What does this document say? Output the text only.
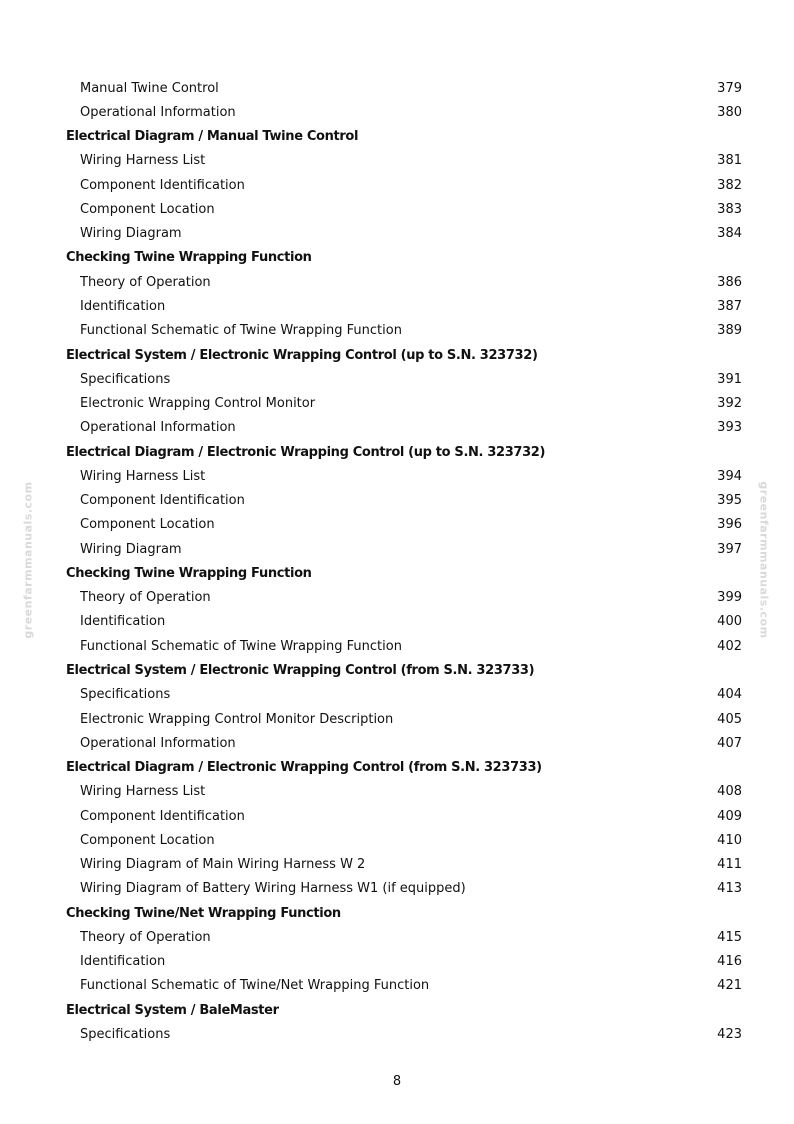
greenfarmmanuals.com	greenfarmmanuals.com
Manual Twine Control	379
Operational Information	380
Electrical Diagram / Manual Twine Control
Wiring Harness List	381
Component Identification	382
Component Location	383
Wiring Diagram	384
Checking Twine Wrapping Function
Theory of Operation	386
Identification	387
Functional Schematic of Twine Wrapping Function	389
Electrical System / Electronic Wrapping Control (up to S.N. 323732)
Specifications	391
Electronic Wrapping Control Monitor	392
Operational Information	393
Electrical Diagram / Electronic Wrapping Control (up to S.N. 323732)
Wiring Harness List	394
Component Identification	395
Component Location	396
Wiring Diagram	397
Checking Twine Wrapping Function
Theory of Operation	399
Identification	400
Functional Schematic of Twine Wrapping Function	402
Electrical System / Electronic Wrapping Control (from S.N. 323733)
Specifications	404
Electronic Wrapping Control Monitor Description	405
Operational Information	407
Electrical Diagram / Electronic Wrapping Control (from S.N. 323733)
Wiring Harness List	408
Component Identification	409
Component Location	410
Wiring Diagram of Main Wiring Harness W 2	411
Wiring Diagram of Battery Wiring Harness W1 (if equipped)	413
Checking Twine/Net Wrapping Function
Theory of Operation	415
Identification	416
Functional Schematic of Twine/Net Wrapping Function	421
Electrical System / BaleMaster
Specifications	423
8
